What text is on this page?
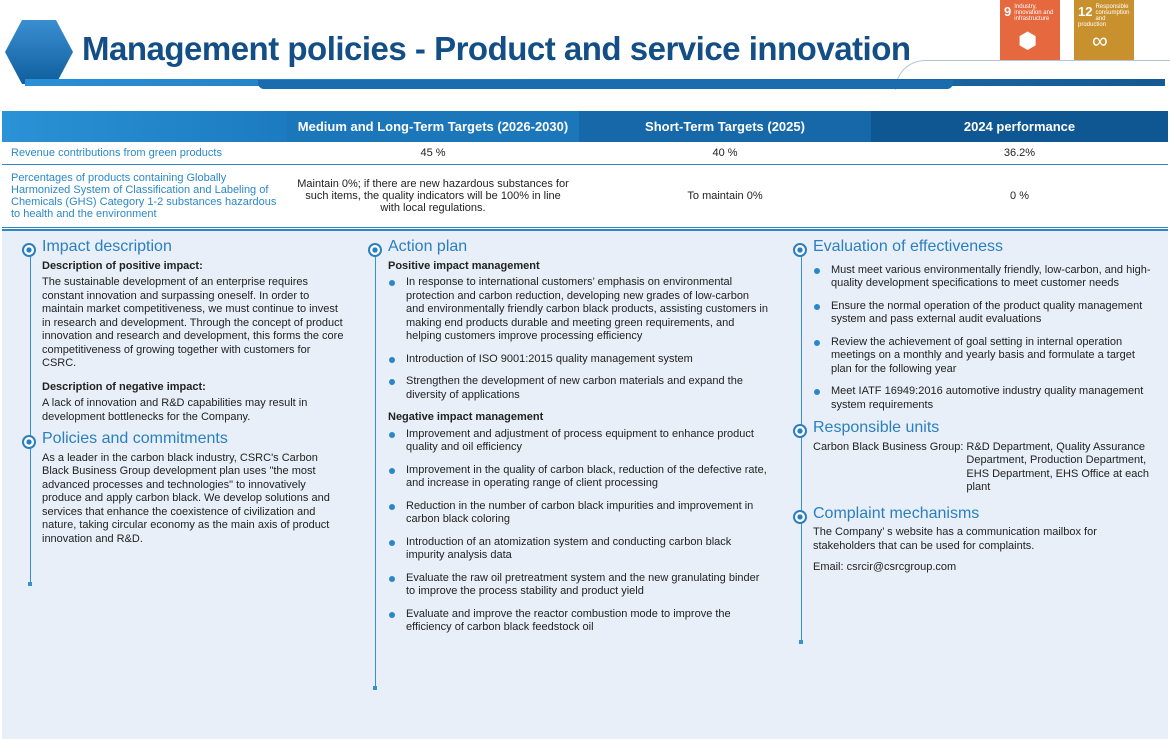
Management policies - Product and service innovation
9 Industry, innovation and infrastructure
⬢
12 Responsible consumption and production
∞
	Medium and Long-Term Targets (2026-2030)	Short-Term Targets (2025)	2024 performance
Revenue contributions from green products	45 %	40 %	36.2%
Percentages of products containing Globally Harmonized System of Classification and Labeling of Chemicals (GHS) Category 1-2 substances hazardous to health and the environment	Maintain 0%; if there are new hazardous substances for such items, the quality indicators will be 100% in line with local regulations.	To maintain 0%	0 %
Impact description
Description of positive impact:

The sustainable development of an enterprise requires constant innovation and surpassing oneself. In order to maintain market competitiveness, we must continue to invest in research and development. Through the concept of product innovation and research and development, this forms the core competitiveness of growing together with customers for CSRC.

Description of negative impact:

A lack of innovation and R&D capabilities may result in development bottlenecks for the Company.

Policies and commitments

As a leader in the carbon black industry, CSRC's Carbon Black Business Group development plan uses "the most advanced processes and technologies" to innovatively produce and apply carbon black. We develop solutions and services that enhance the coexistence of civilization and nature, taking circular economy as the main axis of product innovation and R&D.

Action plan
Positive impact management
In response to international customers’ emphasis on environmental protection and carbon reduction, developing new grades of low-carbon and environmentally friendly carbon black products, assisting customers in making end products durable and meeting green requirements, and helping customers improve processing efficiency
Introduction of ISO 9001:2015 quality management system
Strengthen the development of new carbon materials and expand the diversity of applications
Negative impact management
Improvement and adjustment of process equipment to enhance product quality and oil efficiency
Improvement in the quality of carbon black, reduction of the defective rate, and increase in operating range of client processing
Reduction in the number of carbon black impurities and improvement in carbon black coloring
Introduction of an atomization system and conducting carbon black impurity analysis data
Evaluate the raw oil pretreatment system and the new granulating binder to improve the process stability and product yield
Evaluate and improve the reactor combustion mode to improve the efficiency of carbon black feedstock oil
Evaluation of effectiveness
Must meet various environmentally friendly, low-carbon, and high-quality development specifications to meet customer needs
Ensure the normal operation of the product quality management system and pass external audit evaluations
Review the achievement of goal setting in internal operation meetings on a monthly and yearly basis and formulate a target plan for the following year
Meet IATF 16949:2016 automotive industry quality management system requirements
Responsible units
Carbon Black Business Group: R&D Department, Quality Assurance Department, Production Department, EHS Department, EHS Office at each plant
Complaint mechanisms

The Company’ s website has a communication mailbox for stakeholders that can be used for complaints.

Email: csrcir@csrcgroup.com
